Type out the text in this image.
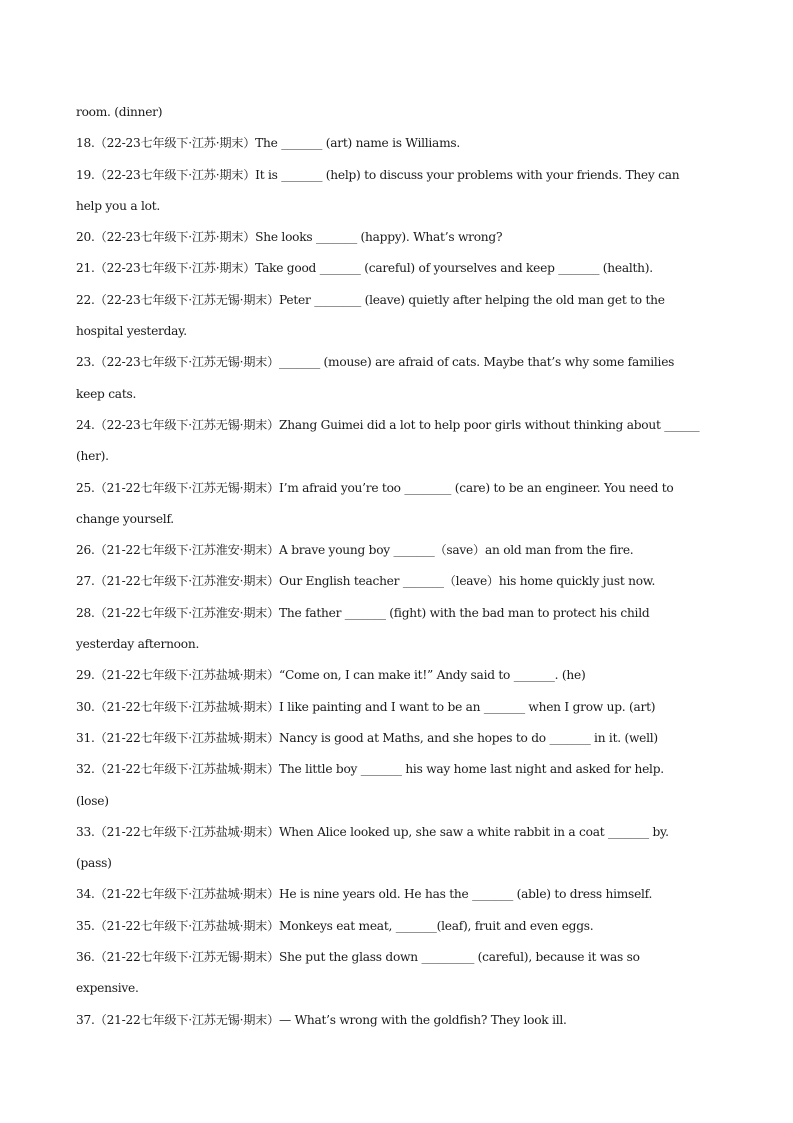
room. (dinner)
18.（22-23七年级下·江苏·期末）The _______ (art) name is Williams.
19.（22-23七年级下·江苏·期末）It is _______ (help) to discuss your problems with your friends. They can
help you a lot.
20.（22-23七年级下·江苏·期末）She looks _______ (happy). What’s wrong?
21.（22-23七年级下·江苏·期末）Take good _______ (careful) of yourselves and keep _______ (health).
22.（22-23七年级下·江苏无锡·期末）Peter ________ (leave) quietly after helping the old man get to the
hospital yesterday.
23.（22-23七年级下·江苏无锡·期末）_______ (mouse) are afraid of cats. Maybe that’s why some families
keep cats.
24.（22-23七年级下·江苏无锡·期末）Zhang Guimei did a lot to help poor girls without thinking about ______
(her).
25.（21-22七年级下·江苏无锡·期末）I’m afraid you’re too ________ (care) to be an engineer. You need to
change yourself.
26.（21-22七年级下·江苏淮安·期末）A brave young boy _______（save）an old man from the fire.
27.（21-22七年级下·江苏淮安·期末）Our English teacher _______（leave）his home quickly just now.
28.（21-22七年级下·江苏淮安·期末）The father _______ (fight) with the bad man to protect his child
yesterday afternoon.
29.（21-22七年级下·江苏盐城·期末）“Come on, I can make it!” Andy said to _______. (he)
30.（21-22七年级下·江苏盐城·期末）I like painting and I want to be an _______ when I grow up. (art)
31.（21-22七年级下·江苏盐城·期末）Nancy is good at Maths, and she hopes to do _______ in it. (well)
32.（21-22七年级下·江苏盐城·期末）The little boy _______ his way home last night and asked for help.
(lose)
33.（21-22七年级下·江苏盐城·期末）When Alice looked up, she saw a white rabbit in a coat _______ by.
(pass)
34.（21-22七年级下·江苏盐城·期末）He is nine years old. He has the _______ (able) to dress himself.
35.（21-22七年级下·江苏盐城·期末）Monkeys eat meat, _______(leaf), fruit and even eggs.
36.（21-22七年级下·江苏无锡·期末）She put the glass down _________ (careful), because it was so
expensive.
37.（21-22七年级下·江苏无锡·期末）— What’s wrong with the goldfish? They look ill.
